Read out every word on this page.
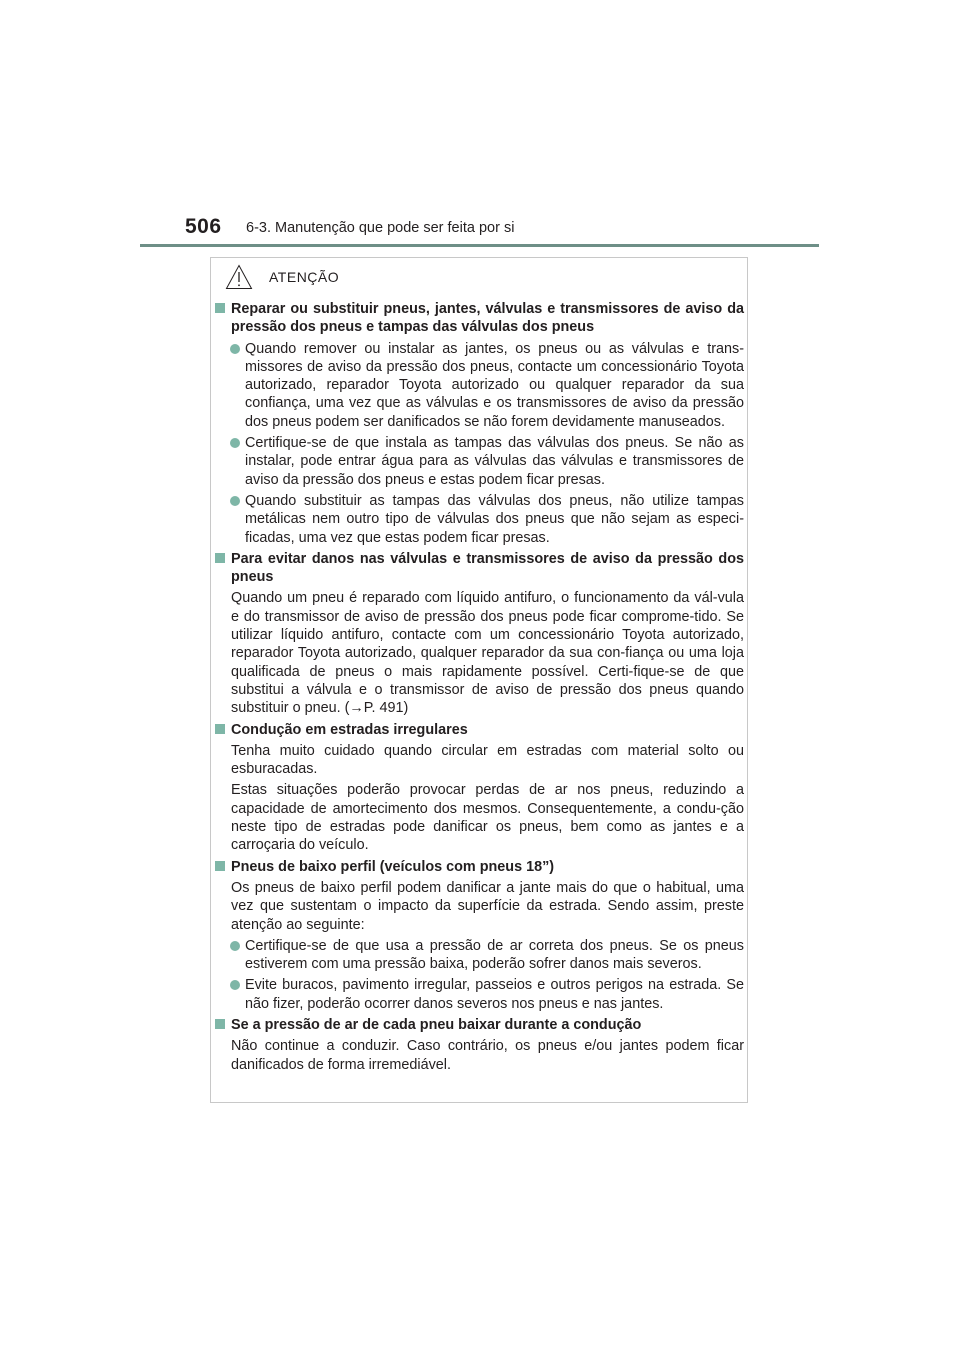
506 6-3. Manutenção que pode ser feita por si
ATENÇÃO
Reparar ou substituir pneus, jantes, válvulas e transmissores de aviso da pressão dos pneus e tampas das válvulas dos pneus
Quando remover ou instalar as jantes, os pneus ou as válvulas e trans-missores de aviso da pressão dos pneus, contacte um concessionário Toyota autorizado, reparador Toyota autorizado ou qualquer reparador da sua confiança, uma vez que as válvulas e os transmissores de aviso da pressão dos pneus podem ser danificados se não forem devidamente manuseados.
Certifique-se de que instala as tampas das válvulas dos pneus. Se não as instalar, pode entrar água para as válvulas das válvulas e transmissores de aviso da pressão dos pneus e estas podem ficar presas.
Quando substituir as tampas das válvulas dos pneus, não utilize tampas metálicas nem outro tipo de válvulas dos pneus que não sejam as especi-ficadas, uma vez que estas podem ficar presas.
Para evitar danos nas válvulas e transmissores de aviso da pressão dos pneus
Quando um pneu é reparado com líquido antifuro, o funcionamento da vál-vula e do transmissor de aviso de pressão dos pneus pode ficar comprome-tido. Se utilizar líquido antifuro, contacte com um concessionário Toyota autorizado, reparador Toyota autorizado, qualquer reparador da sua con-fiança ou uma loja qualificada de pneus o mais rapidamente possível. Certi-fique-se de que substitui a válvula e o transmissor de aviso de pressão dos pneus quando substituir o pneu. (→P. 491)
Condução em estradas irregulares
Tenha muito cuidado quando circular em estradas com material solto ou esburacadas.
Estas situações poderão provocar perdas de ar nos pneus, reduzindo a capacidade de amortecimento dos mesmos. Consequentemente, a condu-ção neste tipo de estradas pode danificar os pneus, bem como as jantes e a carroçaria do veículo.
Pneus de baixo perfil (veículos com pneus 18”)
Os pneus de baixo perfil podem danificar a jante mais do que o habitual, uma vez que sustentam o impacto da superfície da estrada. Sendo assim, preste atenção ao seguinte:
Certifique-se de que usa a pressão de ar correta dos pneus. Se os pneus estiverem com uma pressão baixa, poderão sofrer danos mais severos.
Evite buracos, pavimento irregular, passeios e outros perigos na estrada. Se não fizer, poderão ocorrer danos severos nos pneus e nas jantes.
Se a pressão de ar de cada pneu baixar durante a condução
Não continue a conduzir. Caso contrário, os pneus e/ou jantes podem ficar danificados de forma irremediável.
